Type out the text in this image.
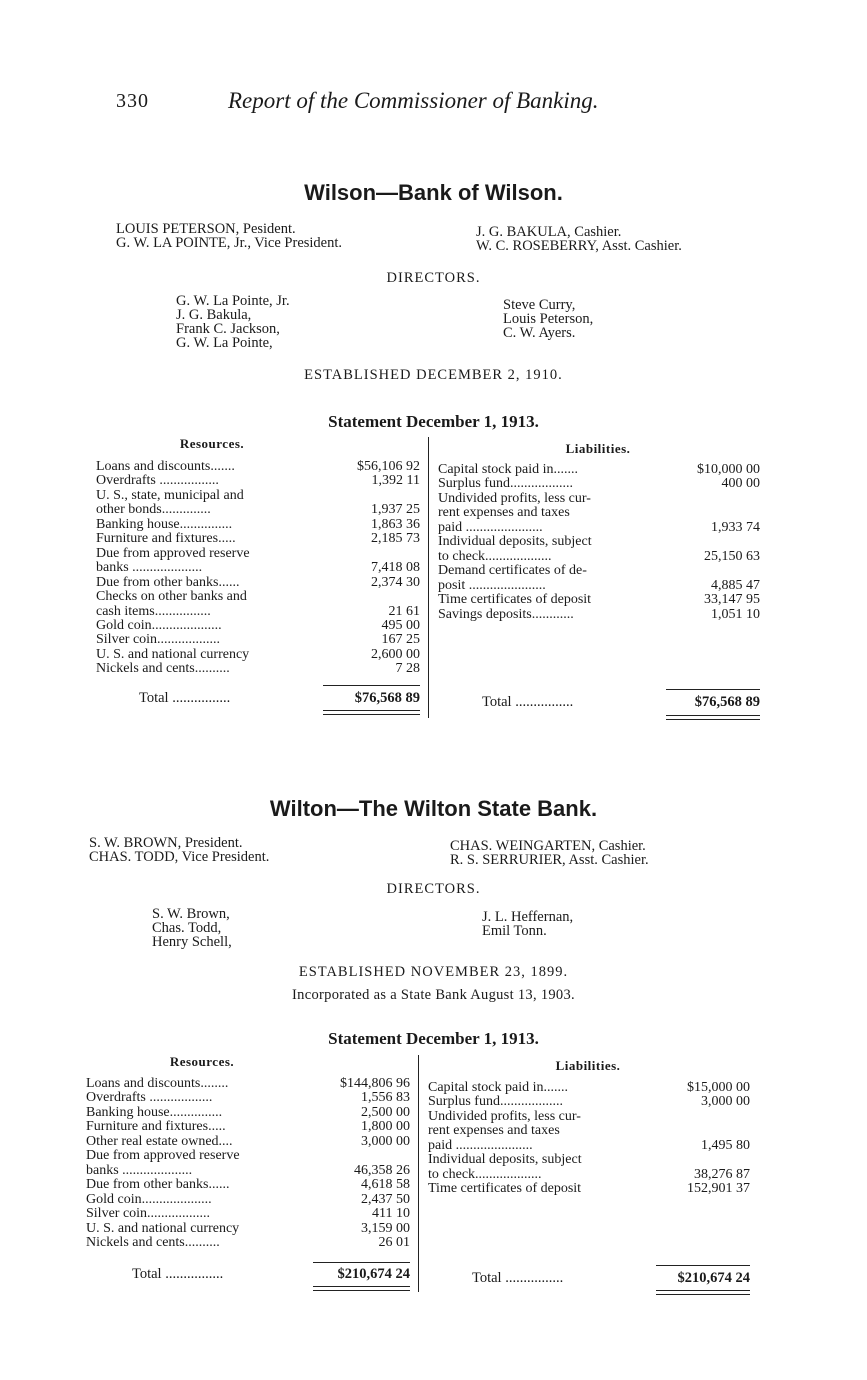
330	Report of the Commissioner of Banking.
Wilson—Bank of Wilson.
LOUIS PETERSON, Pesident.
G. W. LA POINTE, Jr., Vice President.
J. G. BAKULA, Cashier.
W. C. ROSEBERRY, Asst. Cashier.
DIRECTORS.
G. W. La Pointe, Jr.
J. G. Bakula,
Frank C. Jackson,
G. W. La Pointe,
Steve Curry,
Louis Peterson,
C. W. Ayers.
ESTABLISHED DECEMBER 2, 1910.
Statement December 1, 1913.
Resources.	Liabilities.
Loans and discounts.......	$56,106 92
Overdrafts .................	1,392 11
U. S., state, municipal and
other bonds..............	1,937 25
Banking house...............	1,863 36
Furniture and fixtures.....	2,185 73
Due from approved reserve
banks ....................	7,418 08
Due from other banks......	2,374 30
Checks on other banks and
cash items................	21 61
Gold coin....................	495 00
Silver coin..................	167 25
U. S. and national currency	2,600 00
Nickels and cents..........	7 28
Capital stock paid in.......	$10,000 00
Surplus fund..................	400 00
Undivided profits, less cur-
rent expenses and taxes
paid ......................	1,933 74
Individual deposits, subject
to check...................	25,150 63
Demand certificates of de-
posit ......................	4,885 47
Time certificates of deposit	33,147 95
Savings deposits............	1,051 10
Total ................	$76,568 89	Total ................	$76,568 89
Wilton—The Wilton State Bank.
S. W. BROWN, President.
CHAS. TODD, Vice President.
CHAS. WEINGARTEN, Cashier.
R. S. SERRURIER, Asst. Cashier.
DIRECTORS.
S. W. Brown,
Chas. Todd,
Henry Schell,
J. L. Heffernan,
Emil Tonn.
ESTABLISHED NOVEMBER 23, 1899.
Incorporated as a State Bank August 13, 1903.
Statement December 1, 1913.
Resources.	Liabilities.
Loans and discounts........	$144,806 96
Overdrafts ..................	1,556 83
Banking house...............	2,500 00
Furniture and fixtures.....	1,800 00
Other real estate owned....	3,000 00
Due from approved reserve
banks ....................	46,358 26
Due from other banks......	4,618 58
Gold coin....................	2,437 50
Silver coin..................	411 10
U. S. and national currency	3,159 00
Nickels and cents..........	26 01
Capital stock paid in.......	$15,000 00
Surplus fund..................	3,000 00
Undivided profits, less cur-
rent expenses and taxes
paid ......................	1,495 80
Individual deposits, subject
to check...................	38,276 87
Time certificates of deposit	152,901 37
Total ................	$210,674 24	Total ................	$210,674 24
